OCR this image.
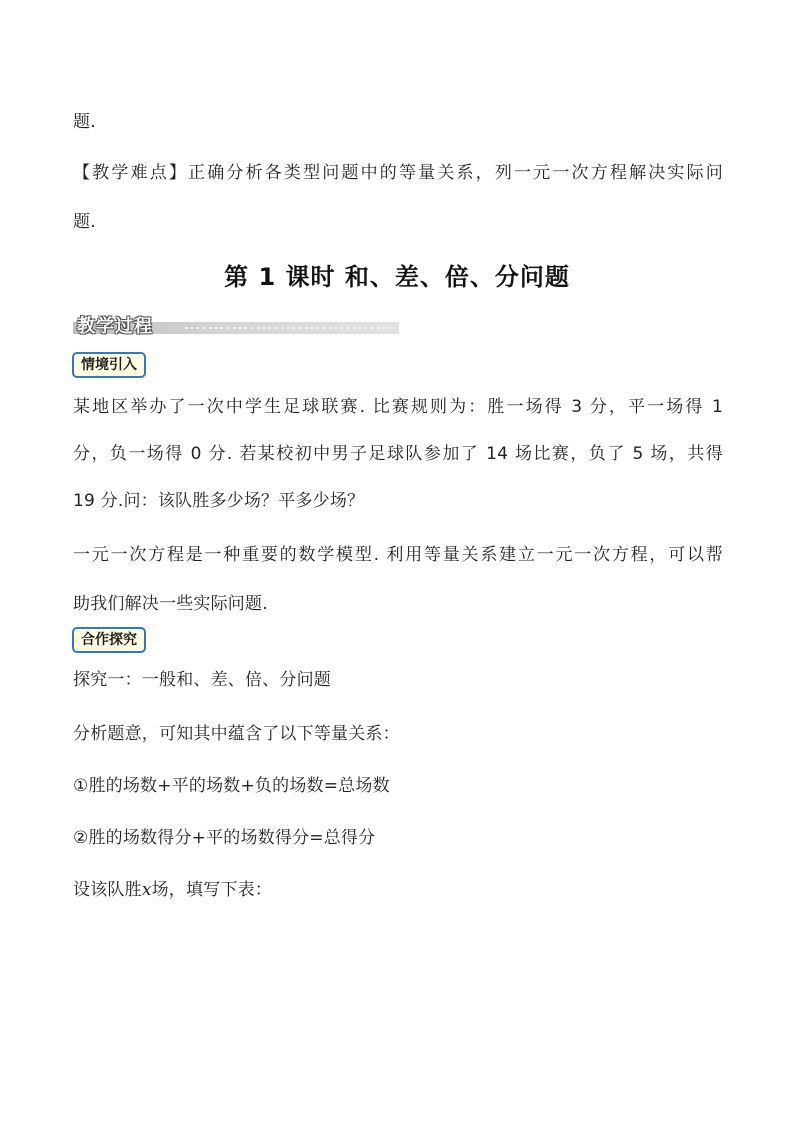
题.
【教学难点】正确分析各类型问题中的等量关系，列一元一次方程解决实际问
题.
第 1 课时 和、差、倍、分问题
教学过程
情境引入
某地区举办了一次中学生足球联赛. 比赛规则为：胜一场得 3 分，平一场得 1
分，负一场得 0 分. 若某校初中男子足球队参加了 14 场比赛，负了 5 场，共得
19 分.问：该队胜多少场？平多少场？
一元一次方程是一种重要的数学模型. 利用等量关系建立一元一次方程，可以帮
助我们解决一些实际问题.
合作探究
探究一：一般和、差、倍、分问题
分析题意，可知其中蕴含了以下等量关系：
①胜的场数+平的场数+负的场数=总场数
②胜的场数得分+平的场数得分=总得分
设该队胜x场，填写下表：
